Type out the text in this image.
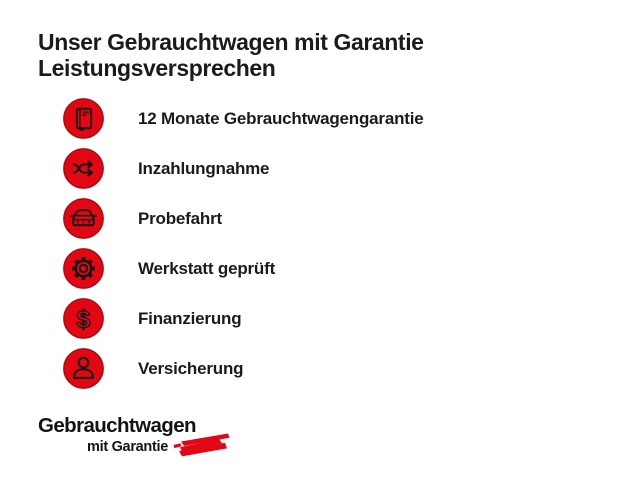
Unser Gebrauchtwagen mit Garantie
Leistungsversprechen
12 Monate Gebrauchtwagengarantie
Inzahlungnahme
Probefahrt
Werkstatt geprüft
$	Finanzierung
Versicherung
Gebrauchtwagen
mit Garantie
